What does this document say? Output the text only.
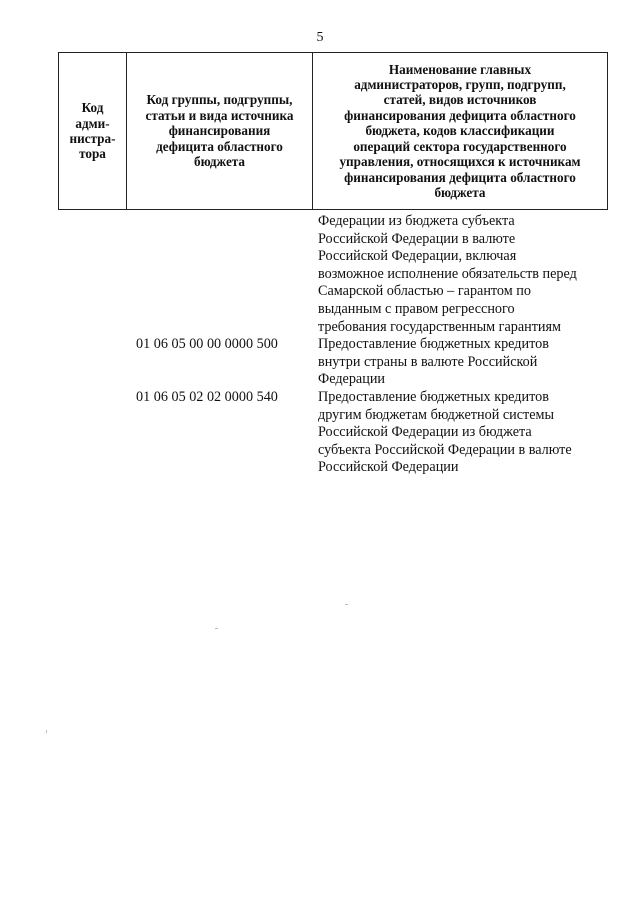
5
Код
адми-
нистра-
тора
Код группы, подгруппы,
статьи и вида источника
финансирования
дефицита областного
бюджета
Наименование главных
администраторов, групп, подгрупп,
статей, видов источников
финансирования дефицита областного
бюджета, кодов классификации
операций сектора государственного
управления, относящихся к источникам
финансирования дефицита областного
бюджета
Федерации из бюджета субъекта
Российской Федерации в валюте
Российской Федерации, включая
возможное исполнение обязательств перед
Самарской областью – гарантом по
выданным с правом регрессного
требования государственным гарантиям
01 06 05 00 00 0000 500	Предоставление бюджетных кредитов
внутри страны в валюте Российской
Федерации
01 06 05 02 02 0000 540	Предоставление бюджетных кредитов
другим бюджетам бюджетной системы
Российской Федерации из бюджета
субъекта Российской Федерации в валюте
Российской Федерации
